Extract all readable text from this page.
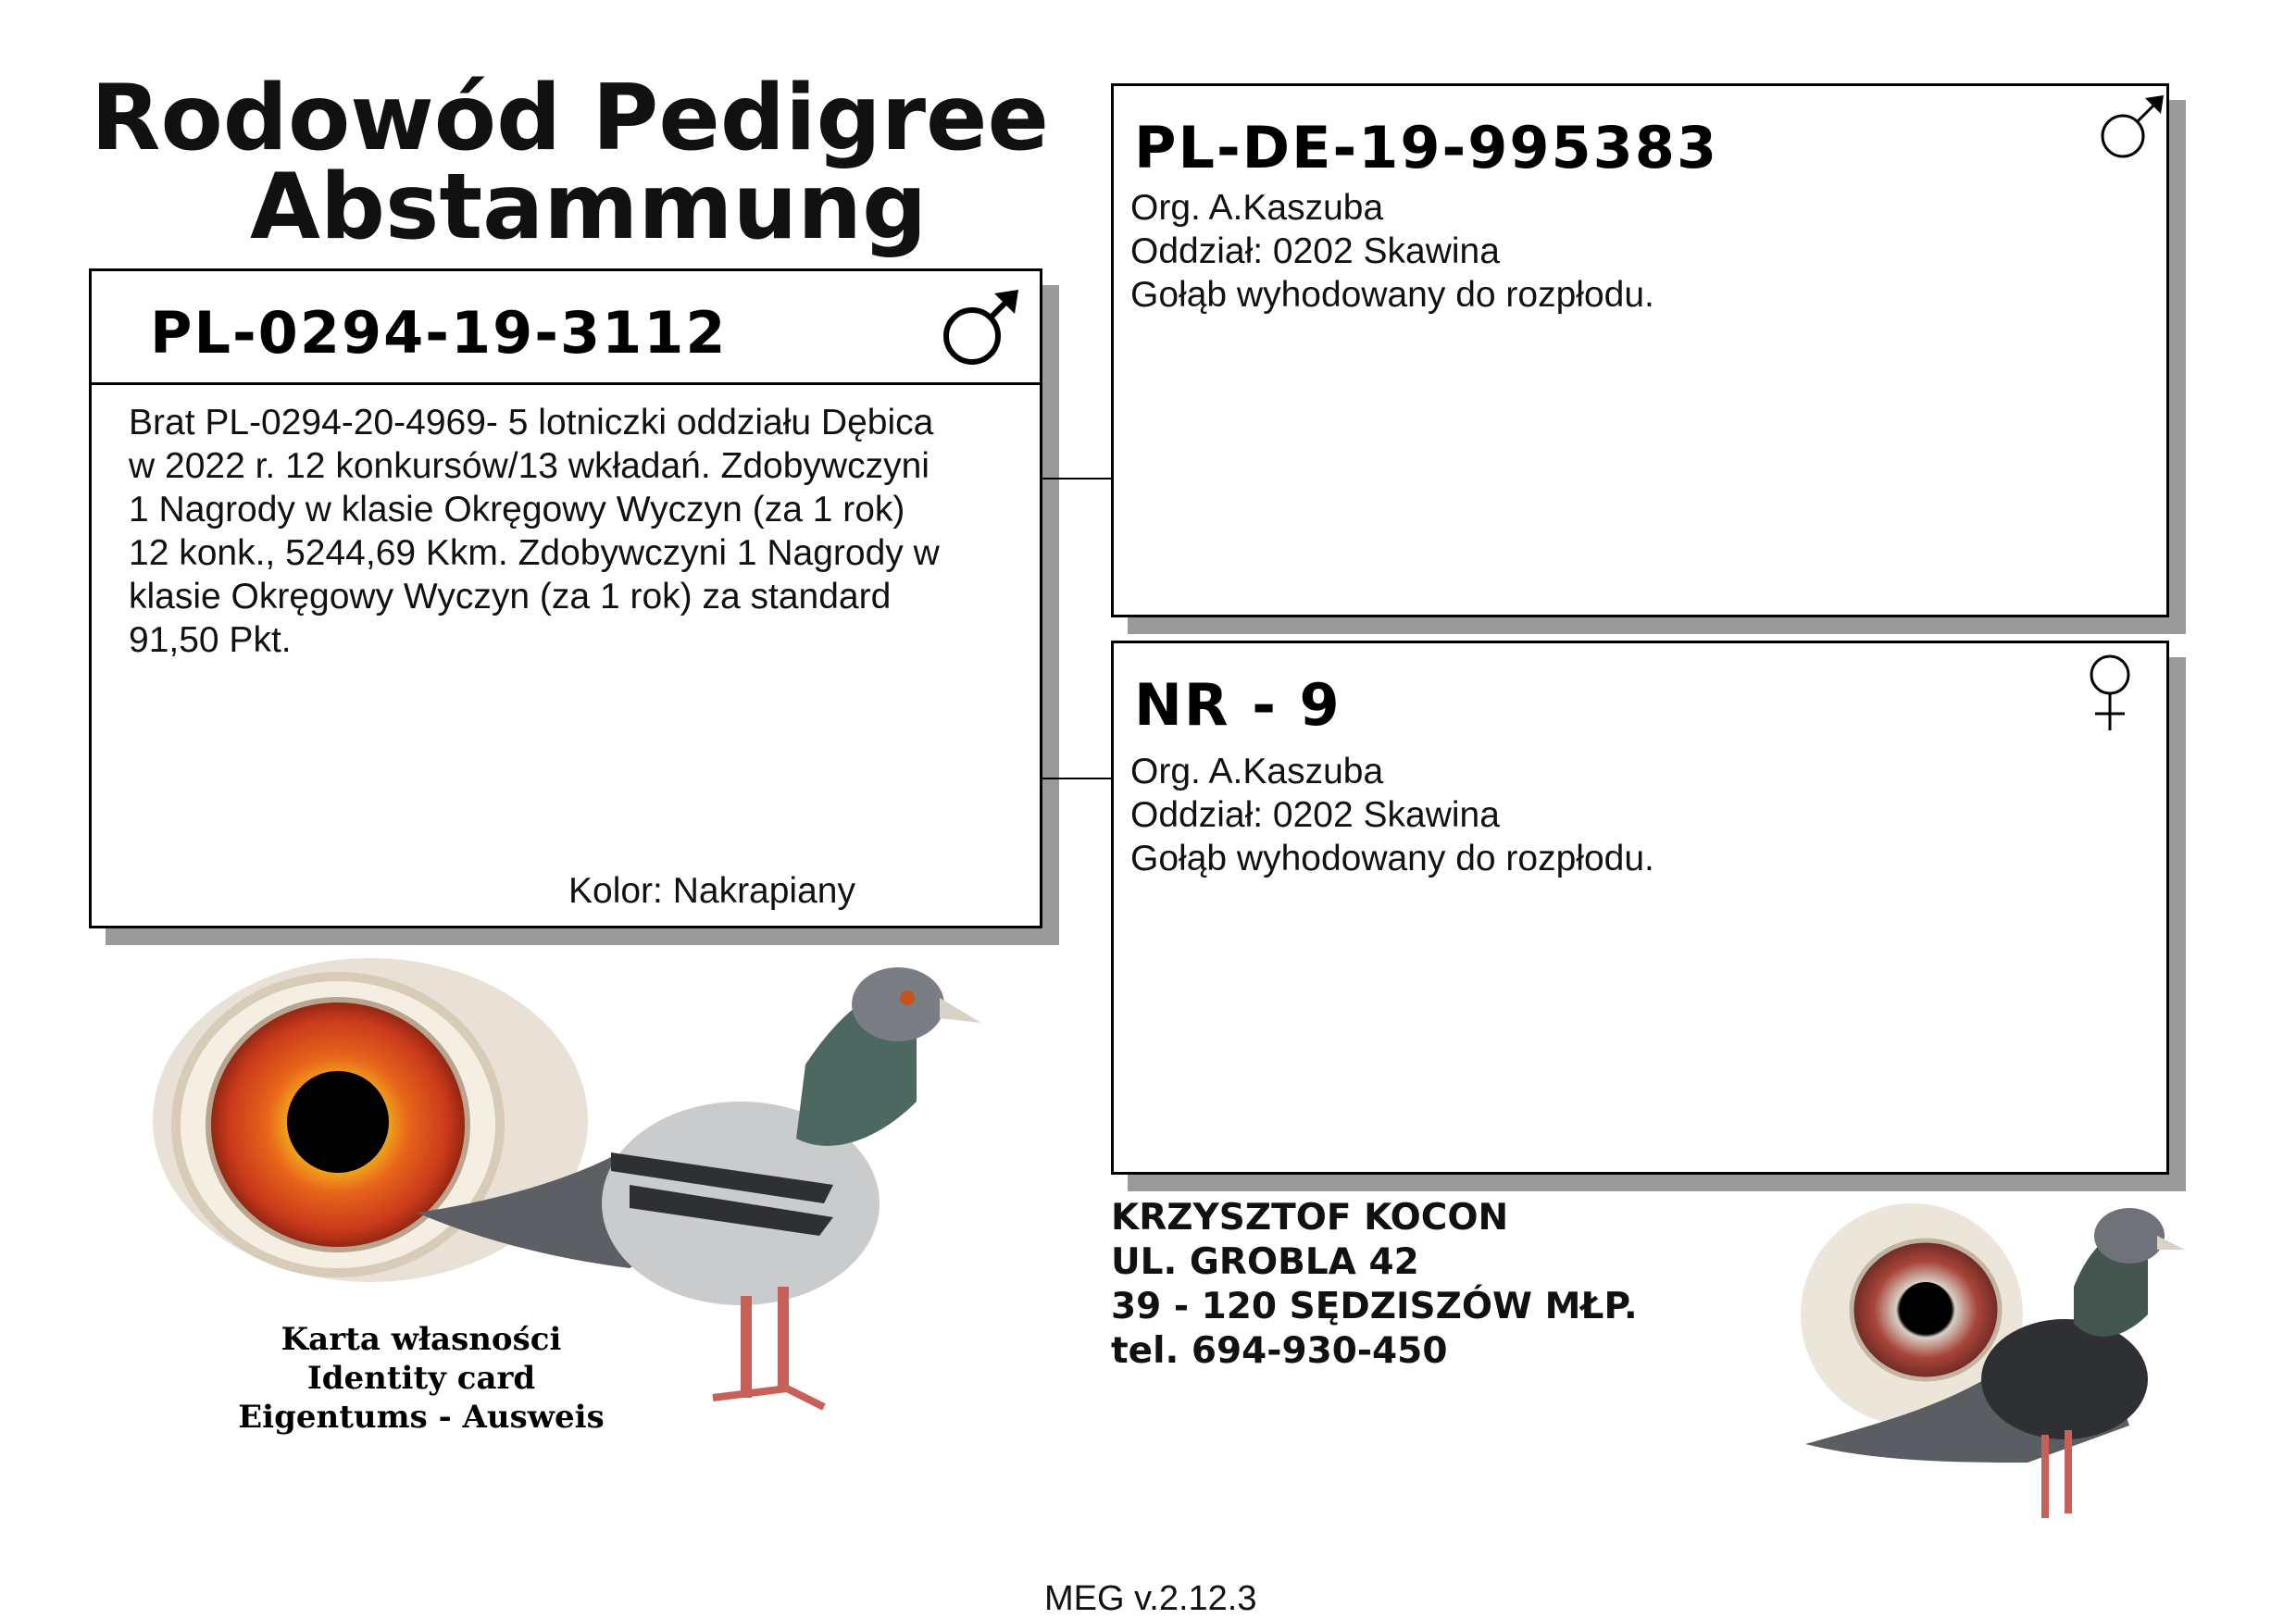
Rodowód Pedigree
Abstammung
PL-0294-19-3112
Brat PL-0294-20-4969- 5 lotniczki oddziału Dębica
w 2022 r. 12 konkursów/13 wkładań. Zdobywczyni
1 Nagrody w klasie Okręgowy Wyczyn (za 1 rok)
12 konk., 5244,69 Kkm. Zdobywczyni 1 Nagrody w
klasie Okręgowy Wyczyn (za 1 rok) za standard
91,50 Pkt.
Kolor: Nakrapiany
PL-DE-19-995383
Org. A.Kaszuba
Oddział: 0202 Skawina
Gołąb wyhodowany do rozpłodu.
NR - 9
Org. A.Kaszuba
Oddział: 0202 Skawina
Gołąb wyhodowany do rozpłodu.
Karta własności
Identity card
Eigentums - Ausweis
KRZYSZTOF KOCON
UL. GROBLA 42
39 - 120 SĘDZISZÓW MŁP.
tel. 694-930-450
MEG v.2.12.3
